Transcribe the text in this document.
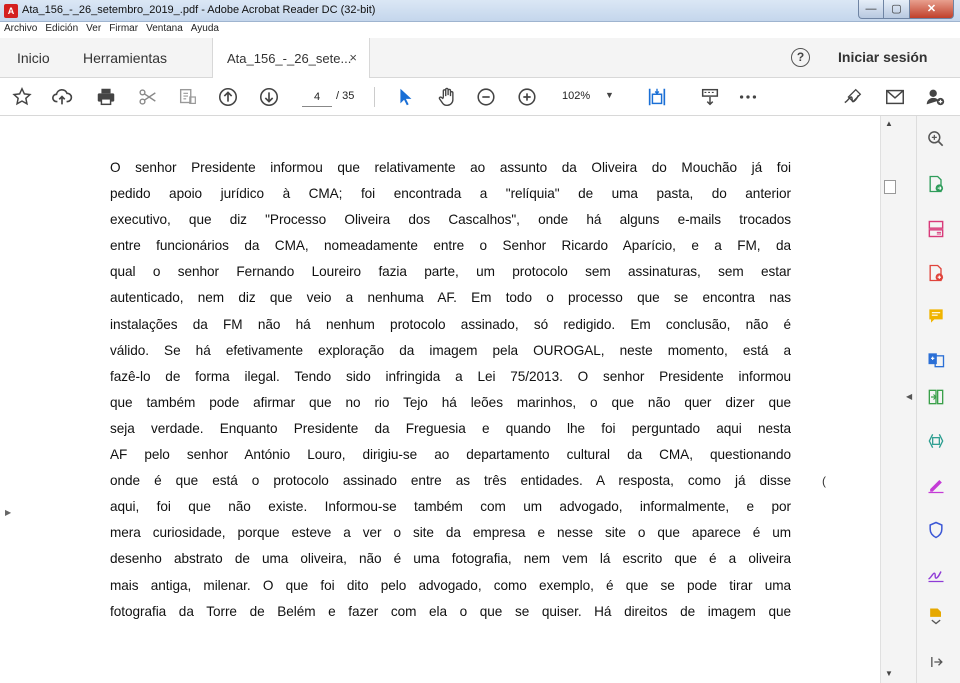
A Ata_156_-_26_setembro_2019_.pdf - Adobe Acrobat Reader DC (32-bit)	—	▢	✕
Archivo Edición Ver Firmar Ventana Ayuda
Inicio Herramientas	Ata_156_-_26_sete...
×	?	Iniciar sesión
4	/ 35	102% ▼
▶

O senhor Presidente informou que relativamente ao assunto da Oliveira do Mouchão já foi

pedido apoio jurídico à CMA; foi encontrada a "relíquia" de uma pasta, do anterior

executivo, que diz "Processo Oliveira dos Cascalhos", onde há alguns e-mails trocados

entre funcionários da CMA, nomeadamente entre o Senhor Ricardo Aparício, e a FM, da

qual o senhor Fernando Loureiro fazia parte, um protocolo sem assinaturas, sem estar

autenticado, nem diz que veio a nenhuma AF. Em todo o processo que se encontra nas

instalações da FM não há nenhum protocolo assinado, só redigido. Em conclusão, não é

válido. Se há efetivamente exploração da imagem pela OUROGAL, neste momento, está a

fazê-lo de forma ilegal. Tendo sido infringida a Lei 75/2013. O senhor Presidente informou

que também pode afirmar que no rio Tejo há leões marinhos, o que não quer dizer que

seja verdade. Enquanto Presidente da Freguesia e quando lhe foi perguntado aqui nesta

AF pelo senhor António Louro, dirigiu-se ao departamento cultural da CMA, questionando

onde é que está o protocolo assinado entre as três entidades. A resposta, como já disse

aqui, foi que não existe. Informou-se também com um advogado, informalmente, e por

mera curiosidade, porque esteve a ver o site da empresa e nesse site o que aparece é um

desenho abstrato de uma oliveira, não é uma fotografia, nem vem lá escrito que é a oliveira

mais antiga, milenar. O que foi dito pelo advogado, como exemplo, é que se pode tirar uma

fotografia da Torre de Belém e fazer com ela o que se quiser. Há direitos de imagem que

(
▲
▼
◀
